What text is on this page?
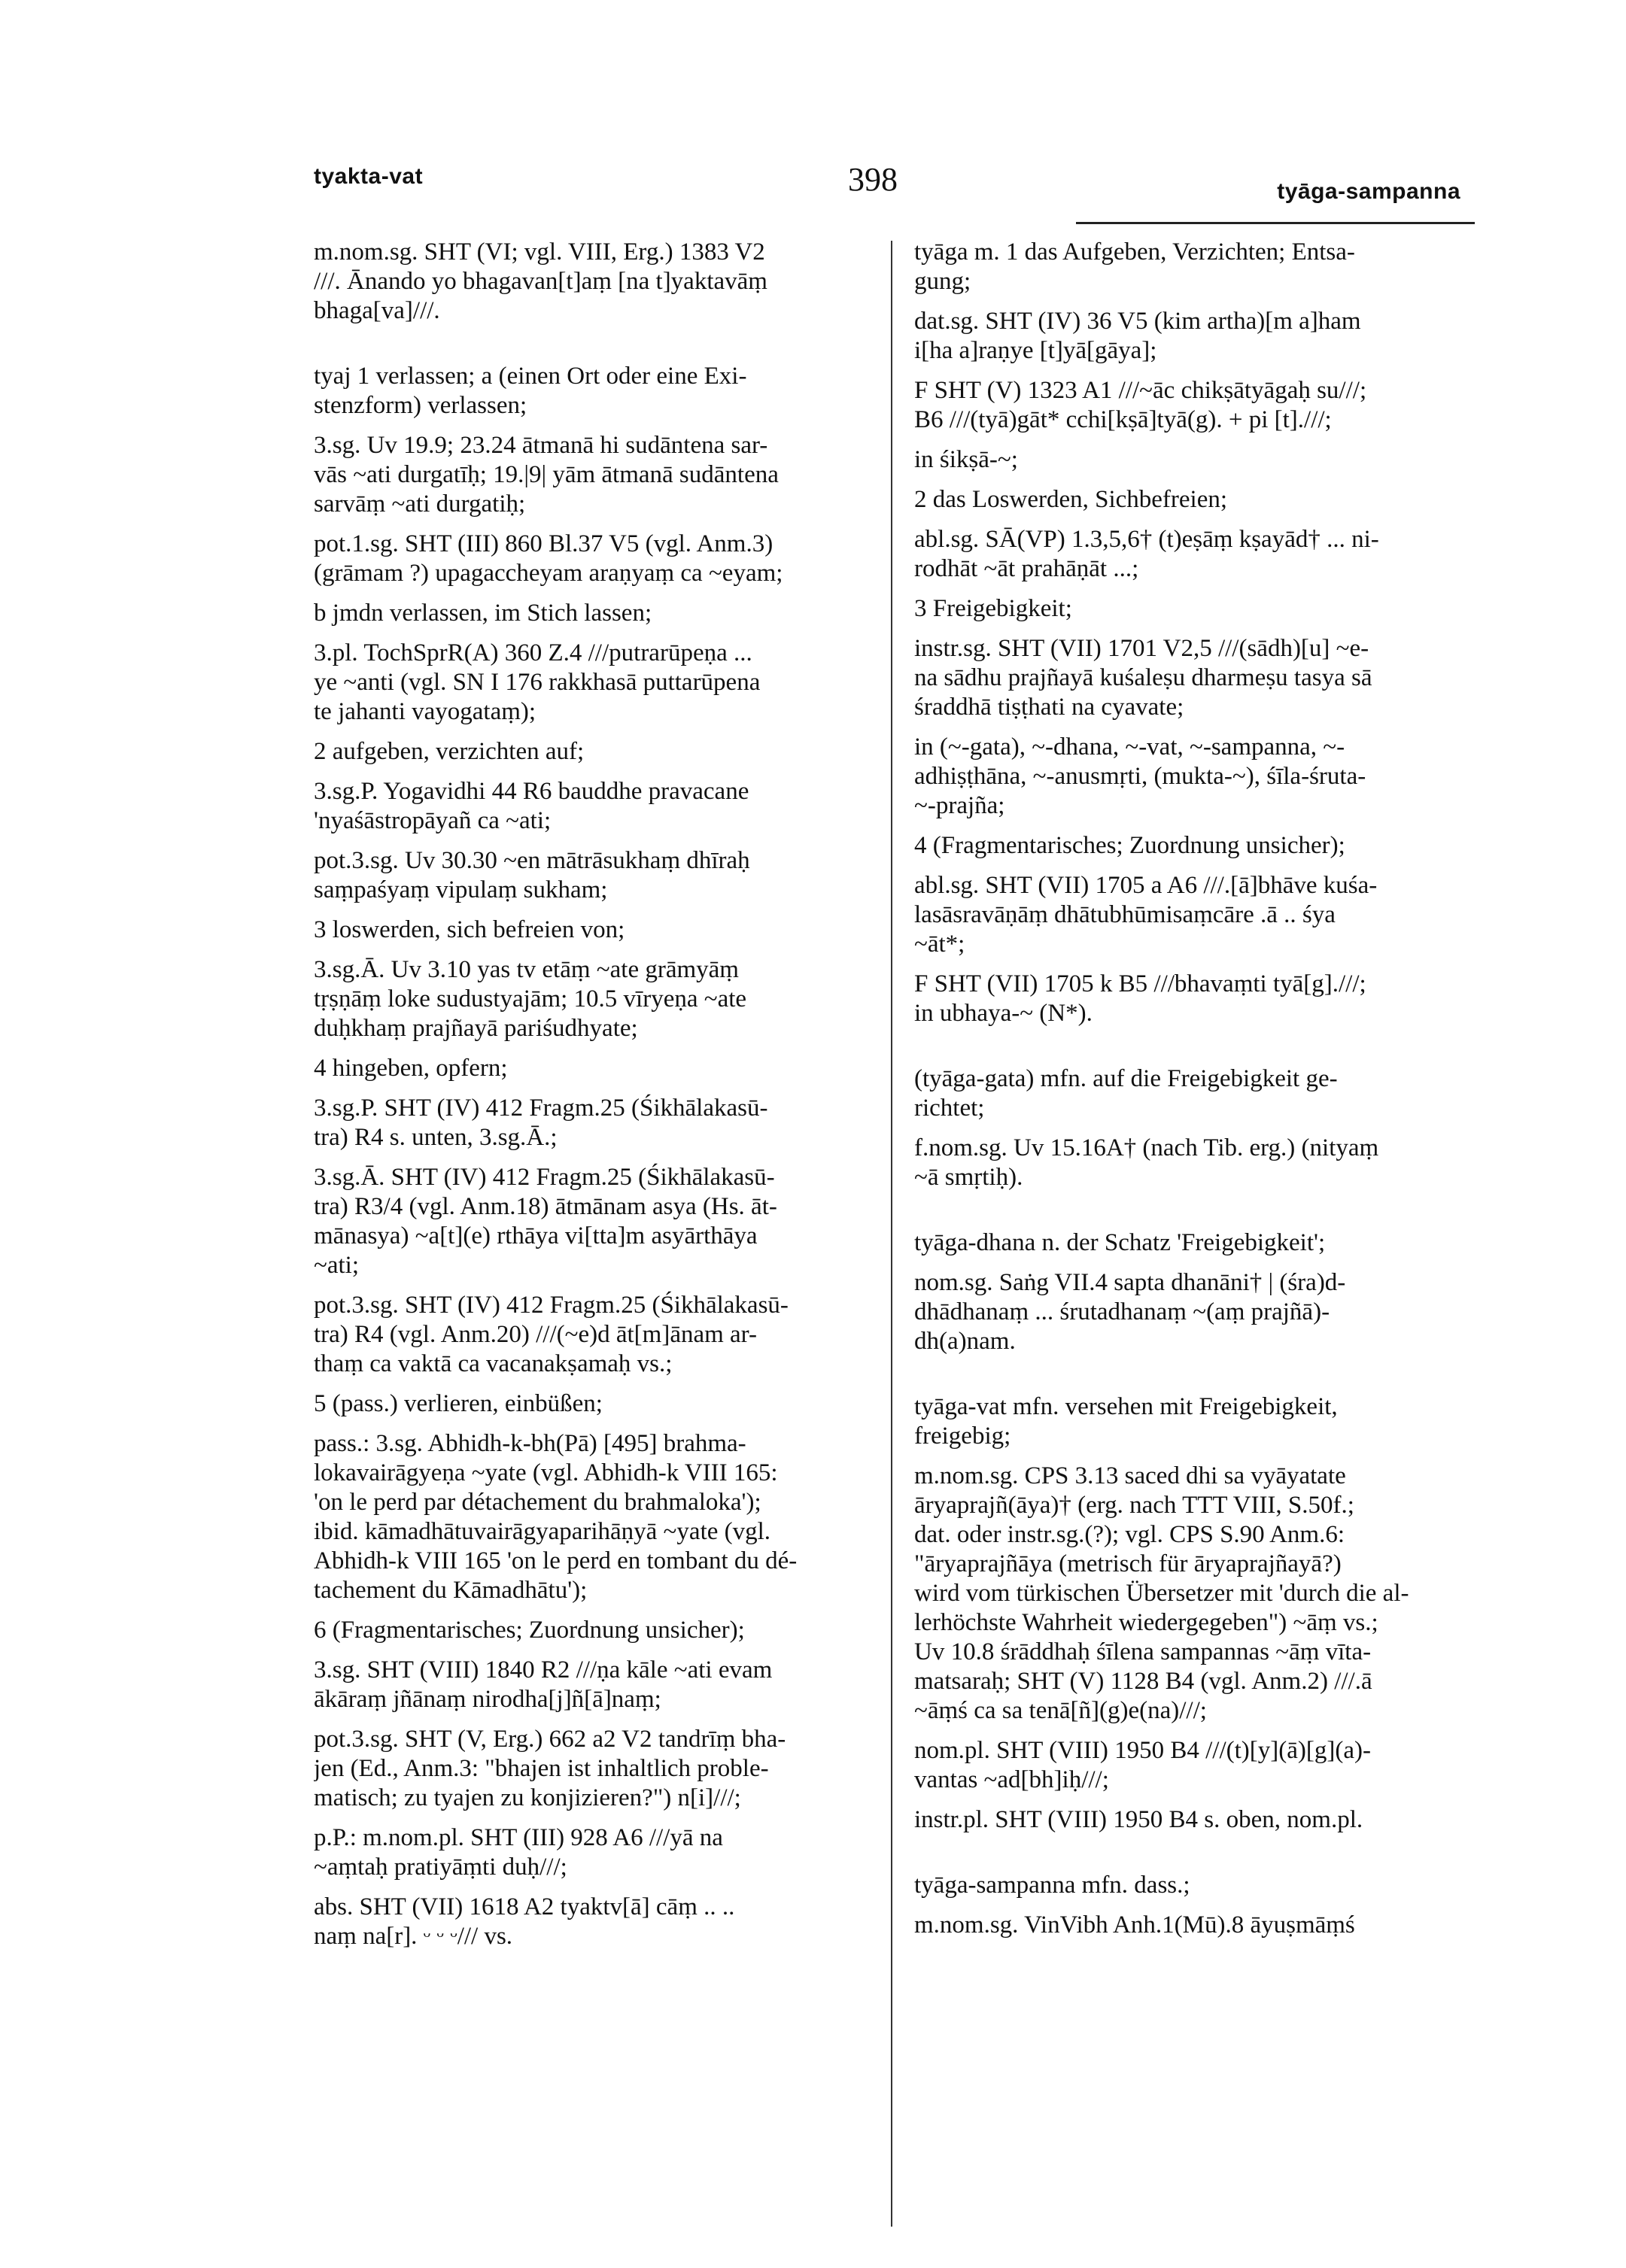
tyakta-vat	398	tyāga-sampanna
m.nom.sg. SHT (VI; vgl. VIII, Erg.) 1383 V2
///. Ānando yo bhagavan[t]aṃ [na t]yaktavāṃ
bhaga[va]///.
tyaj 1 verlassen; a (einen Ort oder eine Exi-
stenzform) verlassen;
3.sg. Uv 19.9; 23.24 ātmanā hi sudāntena sar-
vās ~ati durgatīḥ; 19.|9| yām ātmanā sudāntena
sarvāṃ ~ati durgatiḥ;
pot.1.sg. SHT (III) 860 Bl.37 V5 (vgl. Anm.3)
(grāmam ?) upagaccheyam araṇyaṃ ca ~eyam;
b jmdn verlassen, im Stich lassen;
3.pl. TochSprR(A) 360 Z.4 ///putrarūpeṇa ...
ye ~anti (vgl. SN I 176 rakkhasā puttarūpena
te jahanti vayogataṃ);
2 aufgeben, verzichten auf;
3.sg.P. Yogavidhi 44 R6 bauddhe pravacane
'nyaśāstropāyañ ca ~ati;
pot.3.sg. Uv 30.30 ~en mātrāsukhaṃ dhīraḥ
saṃpaśyaṃ vipulaṃ sukham;
3 loswerden, sich befreien von;
3.sg.Ā. Uv 3.10 yas tv etāṃ ~ate grāmyāṃ
tṛṣṇāṃ loke sudustyajām; 10.5 vīryeṇa ~ate
duḥkhaṃ prajñayā pariśudhyate;
4 hingeben, opfern;
3.sg.P. SHT (IV) 412 Fragm.25 (Śikhālakasū-
tra) R4 s. unten, 3.sg.Ā.;
3.sg.Ā. SHT (IV) 412 Fragm.25 (Śikhālakasū-
tra) R3/4 (vgl. Anm.18) ātmānam asya (Hs. āt-
mānasya) ~a[t](e) rthāya vi[tta]m asyārthāya
~ati;
pot.3.sg. SHT (IV) 412 Fragm.25 (Śikhālakasū-
tra) R4 (vgl. Anm.20) ///(~e)d āt[m]ānam ar-
thaṃ ca vaktā ca vacanakṣamaḥ vs.;
5 (pass.) verlieren, einbüßen;
pass.: 3.sg. Abhidh-k-bh(Pā) [495] brahma-
lokavairāgyeṇa ~yate (vgl. Abhidh-k VIII 165:
'on le perd par détachement du brahmaloka');
ibid. kāmadhātuvairāgyaparihāṇyā ~yate (vgl.
Abhidh-k VIII 165 'on le perd en tombant du dé-
tachement du Kāmadhātu');
6 (Fragmentarisches; Zuordnung unsicher);
3.sg. SHT (VIII) 1840 R2 ///ṇa kāle ~ati evam
ākāraṃ jñānaṃ nirodha[j]ñ[ā]naṃ;
pot.3.sg. SHT (V, Erg.) 662 a2 V2 tandrīṃ bha-
jen (Ed., Anm.3: "bhajen ist inhaltlich proble-
matisch; zu tyajen zu konjizieren?") n[i]///;
p.P.: m.nom.pl. SHT (III) 928 A6 ///yā na
~aṃtaḥ pratiyāṃti duḥ///;
abs. SHT (VII) 1618 A2 tyaktv[ā] cāṃ .. ..
naṃ na[r]. ᵕ ᵕ ᵕ/// vs.
tyāga m. 1 das Aufgeben, Verzichten; Entsa-
gung;
dat.sg. SHT (IV) 36 V5 (kim artha)[m a]ham
i[ha a]raṇye [t]yā[gāya];
F SHT (V) 1323 A1 ///~āc chikṣātyāgaḥ su///;
B6 ///(tyā)gāt* cchi[kṣā]tyā(g). + pi [t].///;
in śikṣā-~;
2 das Loswerden, Sichbefreien;
abl.sg. SĀ(VP) 1.3,5,6† (t)eṣāṃ kṣayād† ... ni-
rodhāt ~āt prahāṇāt ...;
3 Freigebigkeit;
instr.sg. SHT (VII) 1701 V2,5 ///(sādh)[u] ~e-
na sādhu prajñayā kuśaleṣu dharmeṣu tasya sā
śraddhā tiṣṭhati na cyavate;
in (~-gata), ~-dhana, ~-vat, ~-sampanna, ~-
adhiṣṭhāna, ~-anusmṛti, (mukta-~), śīla-śruta-
~-prajña;
4 (Fragmentarisches; Zuordnung unsicher);
abl.sg. SHT (VII) 1705 a A6 ///.[ā]bhāve kuśa-
lasāsravāṇāṃ dhātubhūmisaṃcāre .ā .. śya
~āt*;
F SHT (VII) 1705 k B5 ///bhavaṃti tyā[g].///;
in ubhaya-~ (N*).
(tyāga-gata) mfn. auf die Freigebigkeit ge-
richtet;
f.nom.sg. Uv 15.16A† (nach Tib. erg.) (nityaṃ
~ā smṛtiḥ).
tyāga-dhana n. der Schatz 'Freigebigkeit';
nom.sg. Saṅg VII.4 sapta dhanāni† | (śra)d-
dhādhanaṃ ... śrutadhanaṃ ~(aṃ prajñā)-
dh(a)nam.
tyāga-vat mfn. versehen mit Freigebigkeit,
freigebig;
m.nom.sg. CPS 3.13 saced dhi sa vyāyatate
āryaprajñ(āya)† (erg. nach TTT VIII, S.50f.;
dat. oder instr.sg.(?); vgl. CPS S.90 Anm.6:
"āryaprajñāya (metrisch für āryaprajñayā?)
wird vom türkischen Übersetzer mit 'durch die al-
lerhöchste Wahrheit wiedergegeben") ~āṃ vs.;
Uv 10.8 śrāddhaḥ śīlena sampannas ~āṃ vīta-
matsaraḥ; SHT (V) 1128 B4 (vgl. Anm.2) ///.ā
~āṃś ca sa tenā[ñ](g)e(na)///;
nom.pl. SHT (VIII) 1950 B4 ///(t)[y](ā)[g](a)-
vantas ~ad[bh]iḥ///;
instr.pl. SHT (VIII) 1950 B4 s. oben, nom.pl.
tyāga-sampanna mfn. dass.;
m.nom.sg. VinVibh Anh.1(Mū).8 āyuṣmāṃś
